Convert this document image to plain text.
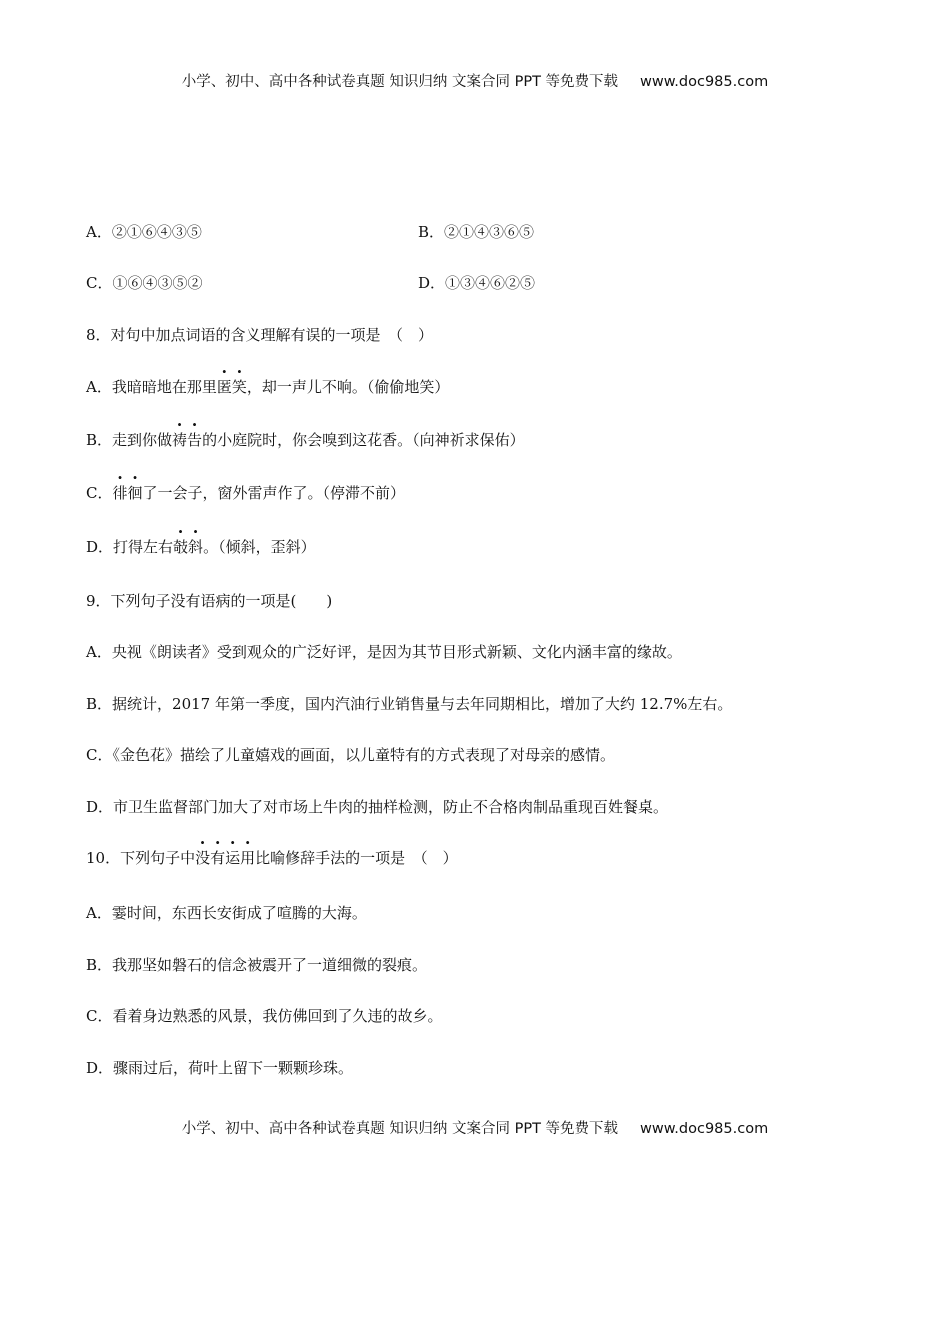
小学、初中、高中各种试卷真题 知识归纳 文案合同 PPT 等免费下载 www.doc985.com
A．②①⑥④③⑤	B．②①④③⑥⑤
C．①⑥④③⑤②	D．①③④⑥②⑤
8．对句中加点词语的含义理解有误的一项是　（　）
A．我暗暗地在那里匿笑，却一声儿不响。（偷偷地笑）
B．走到你做祷告的小庭院时，你会嗅到这花香。（向神祈求保佑）
C．徘徊了一会子，窗外雷声作了。（停滞不前）
D．打得左右攲斜。（倾斜，歪斜）
9．下列句子没有语病的一项是(　　)
A．央视《朗读者》受到观众的广泛好评，是因为其节目形式新颖、文化内涵丰富的缘故。
B．据统计，2017 年第一季度，国内汽油行业销售量与去年同期相比，增加了大约 12.7%左右。
C．《金色花》描绘了儿童嬉戏的画面，以儿童特有的方式表现了对母亲的感情。
D．市卫生监督部门加大了对市场上牛肉的抽样检测，防止不合格肉制品重现百姓餐桌。
10．下列句子中没有运用比喻修辞手法的一项是　（　）
A．霎时间，东西长安街成了喧腾的大海。
B．我那坚如磐石的信念被震开了一道细微的裂痕。
C．看着身边熟悉的风景，我仿佛回到了久违的故乡。
D．骤雨过后，荷叶上留下一颗颗珍珠。
小学、初中、高中各种试卷真题 知识归纳 文案合同 PPT 等免费下载 www.doc985.com
